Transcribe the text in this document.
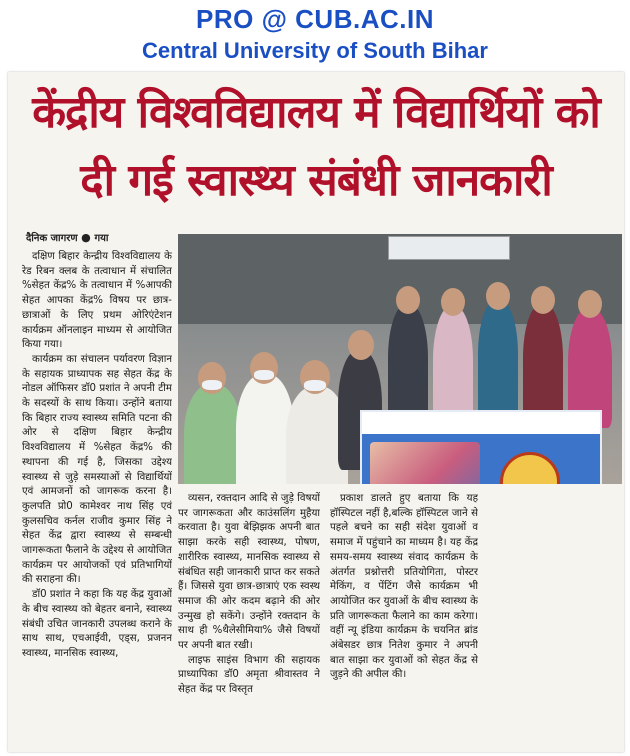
PRO @ CUB.AC.IN
Central University of South Bihar
केंद्रीय विश्वविद्यालय में विद्यार्थियों को
दी गई स्वास्थ्य संबंधी जानकारी
दैनिक जागरण ● गया

दक्षिण बिहार केन्द्रीय विश्वविद्यालय के रेड रिबन क्लब के तत्वाधान में संचालित %सेहत केंद्र% के तत्वाधान में %आपकी सेहत आपका केंद्र% विषय पर छात्र- छात्राओं के लिए प्रथम ओरिएंटेशन कार्यक्रम ऑनलाइन माध्यम से आयोजित किया गया।

कार्यक्रम का संचालन पर्यावरण विज्ञान के सहायक प्राध्यापक सह सेहत केंद्र के नोडल ऑफिसर डॉ0 प्रशांत ने अपनी टीम के सदस्यों के साथ किया। उन्होंने बताया कि बिहार राज्य स्वास्थ्य समिति पटना की ओर से दक्षिण बिहार केन्द्रीय विश्वविद्यालय में %सेहत केंद्र% की स्थापना की गई है, जिसका उद्देश्य स्वास्थ्य से जुड़े समस्याओं से विद्यार्थियों एवं आमजनों को जागरूक करना है। कुलपति प्रो0 कामेश्वर नाथ सिंह एवं कुलसचिव कर्नल राजीव कुमार सिंह ने सेहत केंद्र द्वारा स्वास्थ्य से सम्बन्धी जागरूकता फैलाने के उद्देश्य से आयोजित कार्यक्रम पर आयोजकों एवं प्रतिभागियों की सराहना की।

डॉ0 प्रशांत ने कहा कि यह केंद्र युवाओं के बीच स्वास्थ्य को बेहतर बनाने, स्वास्थ्य संबंधी उचित जानकारी उपलब्ध कराने के साथ साथ, एचआईवी, एड्स, प्रजनन स्वास्थ्य, मानसिक स्वास्थ्य,

व्यसन, रक्तदान आदि से जुड़े विषयों पर जागरूकता और काउंसलिंग मुहैया करवाता है। युवा बेझिझक अपनी बात साझा करके सही स्वास्थ्य, पोषण, शारीरिक स्वास्थ्य, मानसिक स्वास्थ्य से संबंधित सही जानकारी प्राप्त कर सकते हैं। जिससे युवा छात्र-छात्राएं एक स्वस्थ समाज की ओर कदम बढ़ाने की ओर उन्मुख हो सकेंगे। उन्होंने रक्तदान के साथ ही %थैलेसीमिया% जैसे विषयों पर अपनी बात रखी।

लाइफ साइंस विभाग की सहायक प्राध्यापिका डॉ0 अमृता श्रीवास्तव ने सेहत केंद्र पर विस्तृत

प्रकाश डालते हुए बताया कि यह हॉस्पिटल नहीं है,बल्कि हॉस्पिटल जाने से पहले बचने का सही संदेश युवाओं व समाज में पहुंचाने का माध्यम है। यह केंद्र समय-समय स्वास्थ्य संवाद कार्यक्रम के अंतर्गत प्रश्नोत्तरी प्रतियोगिता, पोस्टर मेकिंग, व पेंटिंग जैसे कार्यक्रम भी आयोजित कर युवाओं के बीच स्वास्थ्य के प्रति जागरूकता फैलाने का काम करेगा। वहीं न्यू इंडिया कार्यक्रम के चयनित ब्रांड अंबेसडर छात्र नितेश कुमार ने अपनी बात साझा कर युवाओं को सेहत केंद्र से जुड़ने की अपील की।
